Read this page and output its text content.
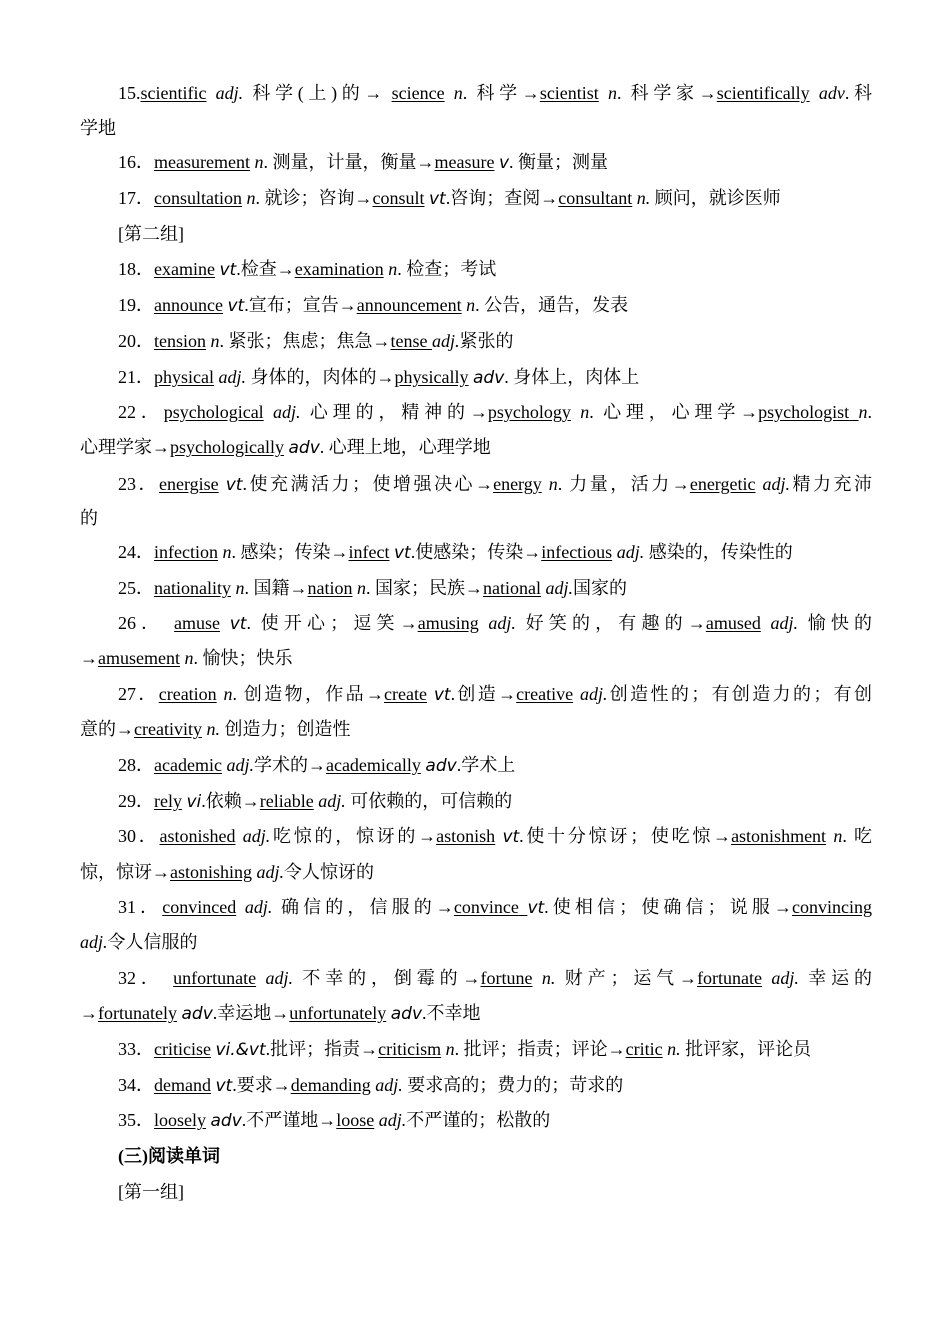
15.scientific adj. 科学(上)的→ science n. 科学→scientist n. 科学家→scientifically adv.科
学地
16．measurement n. 测量，计量，衡量→measure v. 衡量；测量
17．consultation n. 就诊；咨询→consult vt.咨询；查阅→consultant n. 顾问，就诊医师
[第二组]
18．examine vt.检查→examination n. 检查；考试
19．announce vt.宣布；宣告→announcement n. 公告，通告，发表
20．tension n. 紧张；焦虑；焦急→tense adj.紧张的
21．physical adj. 身体的，肉体的→physically adv. 身体上，肉体上
22．psychological adj. 心理的，精神的→psychology n. 心理，心理学→psychologist n.
心理学家→psychologically adv. 心理上地，心理学地
23．energise vt.使充满活力；使增强决心→energy n. 力量，活力→energetic adj.精力充沛
的
24．infection n. 感染；传染→infect vt.使感染；传染→infectious adj. 感染的，传染性的
25．nationality n. 国籍→nation n. 国家；民族→national adj.国家的
26． amuse vt. 使开心；逗笑→amusing adj. 好笑的，有趣的→amused adj. 愉快的
→amusement n. 愉快；快乐
27．creation n. 创造物，作品→create vt.创造→creative adj.创造性的；有创造力的；有创
意的→creativity n. 创造力；创造性
28．academic adj.学术的→academically adv.学术上
29．rely vi.依赖→reliable adj. 可依赖的，可信赖的
30．astonished adj.吃惊的，惊讶的→astonish vt.使十分惊讶；使吃惊→astonishment n. 吃
惊，惊讶→astonishing adj.令人惊讶的
31．convinced adj. 确信的，信服的→convince vt.使相信；使确信；说服→convincing
adj.令人信服的
32． unfortunate adj. 不幸的，倒霉的→fortune n. 财产；运气→fortunate adj. 幸运的
→fortunately adv.幸运地→unfortunately adv.不幸地
33．criticise vi.&vt.批评；指责→criticism n. 批评；指责；评论→critic n. 批评家，评论员
34．demand vt.要求→demanding adj. 要求高的；费力的；苛求的
35．loosely adv.不严谨地→loose adj.不严谨的；松散的
(三)阅读单词
[第一组]
